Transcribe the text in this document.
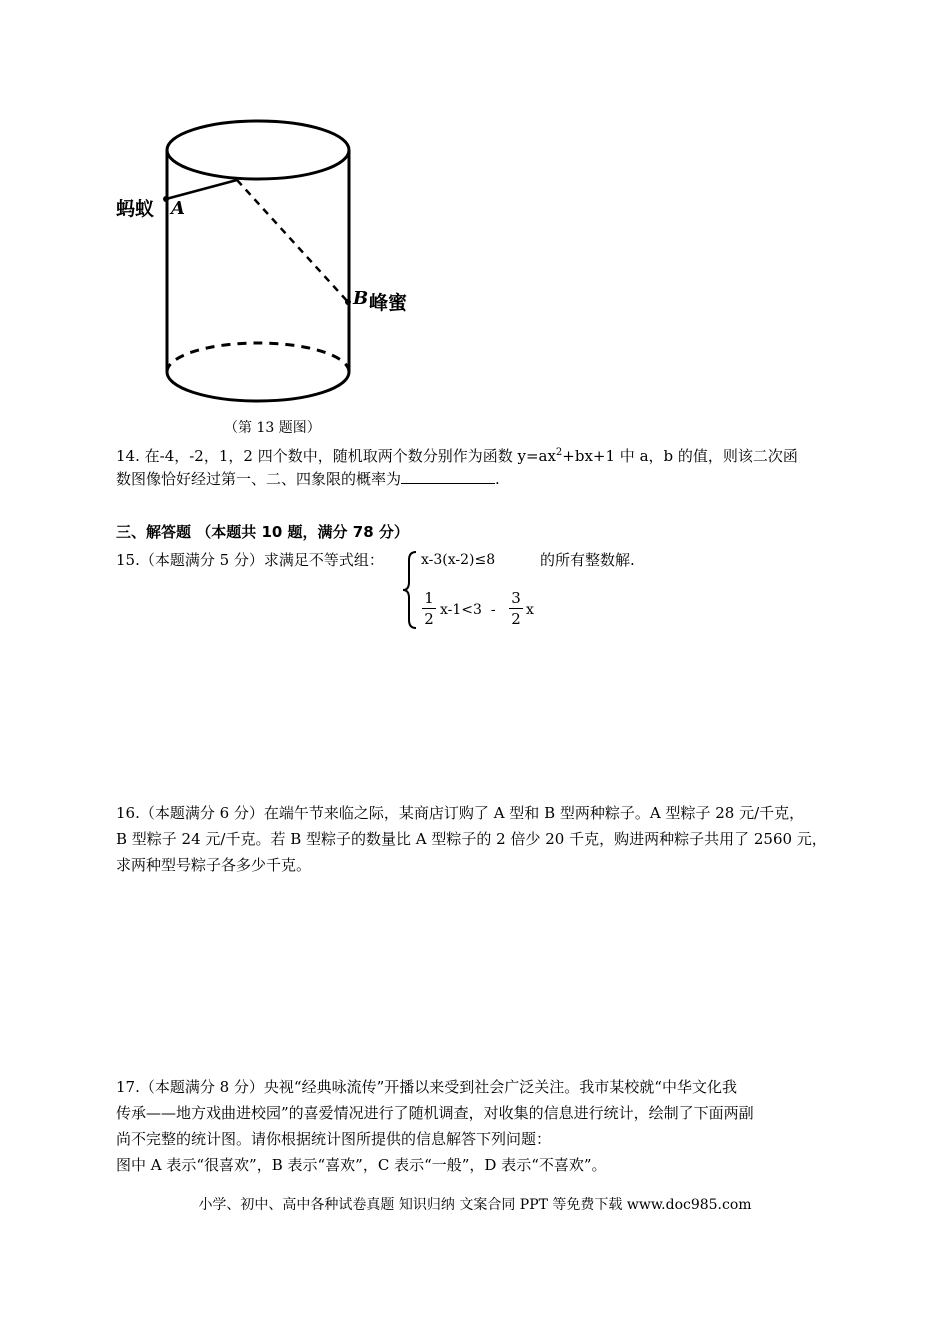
蚂蚁 A
B 峰蜜
（第 13 题图）
14. 在-4，-2，1，2 四个数中，随机取两个数分别作为函数 $y=ax^2+bx+1$ 中 a，b 的值，则该二次函
数图像恰好经过第一、二、四象限的概率为	.
三、解答题 （本题共 10 题，满分 78 分）
15.（本题满分 5 分）求满足不等式组：	x-3(x-2)≤8	的所有整数解.
1
2 x-1<3  -
3
2 x
16.（本题满分 6 分）在端午节来临之际，某商店订购了 A 型和 B 型两种粽子。A 型粽子 28 元/千克，
B 型粽子 24 元/千克。若 B 型粽子的数量比 A 型粽子的 2 倍少 20 千克，购进两种粽子共用了 2560 元，
求两种型号粽子各多少千克。
17.（本题满分 8 分）央视“经典咏流传”开播以来受到社会广泛关注。我市某校就“中华文化我
传承——地方戏曲进校园”的喜爱情况进行了随机调查，对收集的信息进行统计，绘制了下面两副
尚不完整的统计图。请你根据统计图所提供的信息解答下列问题：
图中 A 表示“很喜欢”，B 表示“喜欢”，C 表示“一般”，D 表示“不喜欢”。
小学、初中、高中各种试卷真题 知识归纳 文案合同 PPT 等免费下载 www.doc985.com
